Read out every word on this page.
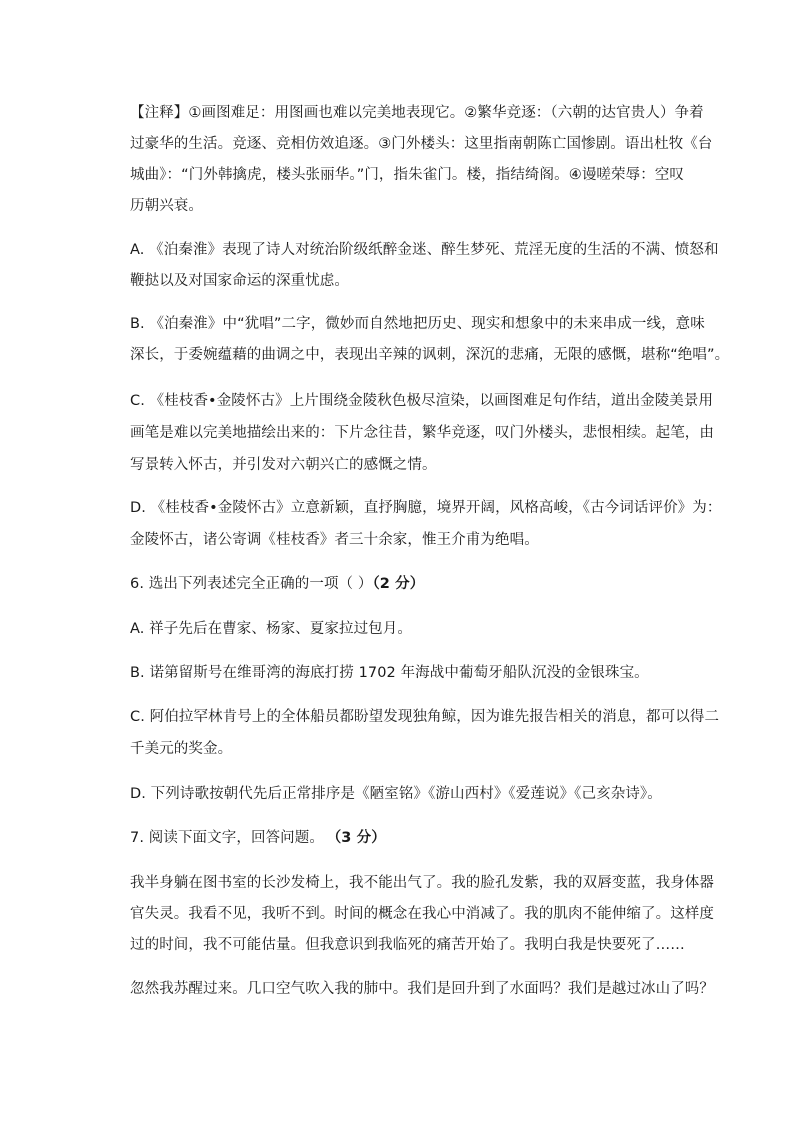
【注释】①画图难足：用图画也难以完美地表现它。②繁华竞逐：（六朝的达官贵人）争着
过豪华的生活。竞逐、竞相仿效追逐。③门外楼头：这里指南朝陈亡国惨剧。语出杜牧《台
城曲》：“门外韩擒虎，楼头张丽华。”门，指朱雀门。楼，指结绮阁。④谩嗟荣辱：空叹
历朝兴衰。
A. 《泊秦淮》表现了诗人对统治阶级纸醉金迷、醉生梦死、荒淫无度的生活的不满、愤怒和
鞭挞以及对国家命运的深重忧虑。
B. 《泊秦淮》中“犹唱”二字，微妙而自然地把历史、现实和想象中的未来串成一线，意味
深长，于委婉蕴藉的曲调之中，表现出辛辣的讽刺，深沉的悲痛，无限的感慨，堪称“绝唱”。
C. 《桂枝香•金陵怀古》上片围绕金陵秋色极尽渲染，以画图难足句作结，道出金陵美景用
画笔是难以完美地描绘出来的：下片念往昔，繁华竞逐，叹门外楼头，悲恨相续。起笔，由
写景转入怀古，并引发对六朝兴亡的感慨之情。
D. 《桂枝香•金陵怀古》立意新颖，直抒胸臆，境界开阔，风格高峻，《古今词话评价》为：
金陵怀古，诸公寄调《桂枝香》者三十余家，惟王介甫为绝唱。
6. 选出下列表述完全正确的一项（ ）（2 分）
A. 祥子先后在曹家、杨家、夏家拉过包月。
B. 诺第留斯号在维哥湾的海底打捞 1702 年海战中葡萄牙船队沉没的金银珠宝。
C. 阿伯拉罕林肯号上的全体船员都盼望发现独角鲸，因为谁先报告相关的消息，都可以得二
千美元的奖金。
D. 下列诗歌按朝代先后正常排序是《陋室铭》《游山西村》《爱莲说》《己亥杂诗》。
7. 阅读下面文字，回答问题。 （3 分）
我半身躺在图书室的长沙发椅上，我不能出气了。我的脸孔发紫，我的双唇变蓝，我身体器
官失灵。我看不见，我听不到。时间的概念在我心中消减了。我的肌肉不能伸缩了。这样度
过的时间，我不可能估量。但我意识到我临死的痛苦开始了。我明白我是快要死了……
忽然我苏醒过来。几口空气吹入我的肺中。我们是回升到了水面吗？我们是越过冰山了吗？
